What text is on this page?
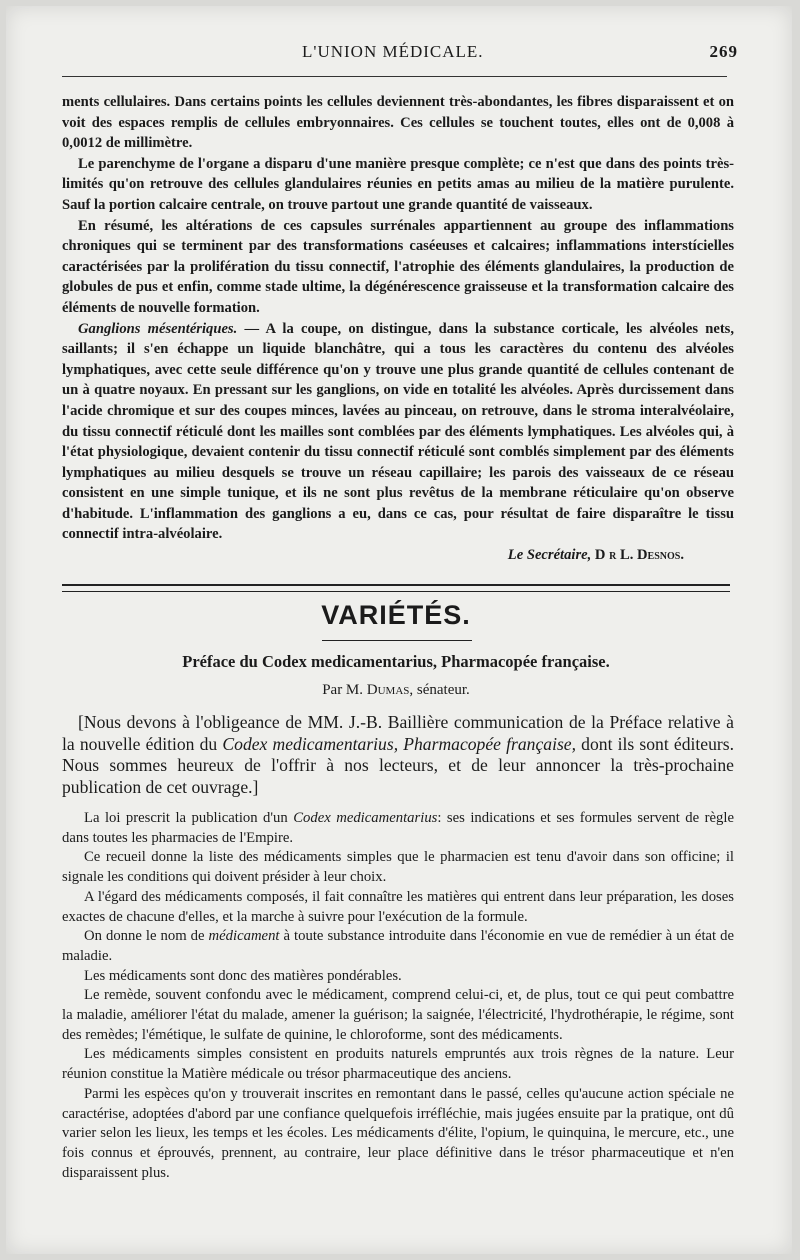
L'UNION MÉDICALE.	269

ments cellulaires. Dans certains points les cellules deviennent très-abondantes, les fibres disparaissent et on voit des espaces remplis de cellules embryonnaires. Ces cellules se touchent toutes, elles ont de 0,008 à 0,0012 de millimètre.

Le parenchyme de l'organe a disparu d'une manière presque complète; ce n'est que dans des points très-limités qu'on retrouve des cellules glandulaires réunies en petits amas au milieu de la matière purulente. Sauf la portion calcaire centrale, on trouve partout une grande quantité de vaisseaux.

En résumé, les altérations de ces capsules surrénales appartiennent au groupe des inflammations chroniques qui se terminent par des transformations caséeuses et calcaires; inflammations interstícielles caractérisées par la prolifération du tissu connectif, l'atrophie des éléments glandulaires, la production de globules de pus et enfin, comme stade ultime, la dégénérescence graisseuse et la transformation calcaire des éléments de nouvelle formation.

Ganglions mésentériques. — A la coupe, on distingue, dans la substance corticale, les alvéoles nets, saillants; il s'en échappe un liquide blanchâtre, qui a tous les caractères du contenu des alvéoles lymphatiques, avec cette seule différence qu'on y trouve une plus grande quantité de cellules contenant de un à quatre noyaux. En pressant sur les ganglions, on vide en totalité les alvéoles. Après durcissement dans l'acide chromique et sur des coupes minces, lavées au pinceau, on retrouve, dans le stroma interalvéolaire, du tissu connectif réticulé dont les mailles sont comblées par des éléments lymphatiques. Les alvéoles qui, à l'état physiologique, devaient contenir du tissu connectif réticulé sont comblés simplement par des éléments lymphatiques au milieu desquels se trouve un réseau capillaire; les parois des vaisseaux de ce réseau consistent en une simple tunique, et ils ne sont plus revêtus de la membrane réticulaire qu'on observe d'habitude. L'inflammation des ganglions a eu, dans ce cas, pour résultat de faire disparaître le tissu connectif intra-alvéolaire.

Le Secrétaire, D r L. Desnos.

VARIÉTÉS.
Préface du Codex medicamentarius, Pharmacopée française.
Par M. Dumas, sénateur.

[Nous devons à l'obligeance de MM. J.-B. Baillière communication de la Préface relative à la nouvelle édition du Codex medicamentarius, Pharmacopée française, dont ils sont éditeurs. Nous sommes heureux de l'offrir à nos lecteurs, et de leur annoncer la très-prochaine publication de cet ouvrage.]

La loi prescrit la publication d'un Codex medicamentarius: ses indications et ses formules servent de règle dans toutes les pharmacies de l'Empire.

Ce recueil donne la liste des médicaments simples que le pharmacien est tenu d'avoir dans son officine; il signale les conditions qui doivent présider à leur choix.

A l'égard des médicaments composés, il fait connaître les matières qui entrent dans leur préparation, les doses exactes de chacune d'elles, et la marche à suivre pour l'exécution de la formule.

On donne le nom de médicament à toute substance introduite dans l'économie en vue de remédier à un état de maladie.

Les médicaments sont donc des matières pondérables.

Le remède, souvent confondu avec le médicament, comprend celui-ci, et, de plus, tout ce qui peut combattre la maladie, améliorer l'état du malade, amener la guérison; la saignée, l'électricité, l'hydrothérapie, le régime, sont des remèdes; l'émétique, le sulfate de quinine, le chloroforme, sont des médicaments.

Les médicaments simples consistent en produits naturels empruntés aux trois règnes de la nature. Leur réunion constitue la Matière médicale ou trésor pharmaceutique des anciens.

Parmi les espèces qu'on y trouverait inscrites en remontant dans le passé, celles qu'aucune action spéciale ne caractérise, adoptées d'abord par une confiance quelquefois irréfléchie, mais jugées ensuite par la pratique, ont dû varier selon les lieux, les temps et les écoles. Les médicaments d'élite, l'opium, le quinquina, le mercure, etc., une fois connus et éprouvés, prennent, au contraire, leur place définitive dans le trésor pharmaceutique et n'en disparaissent plus.
